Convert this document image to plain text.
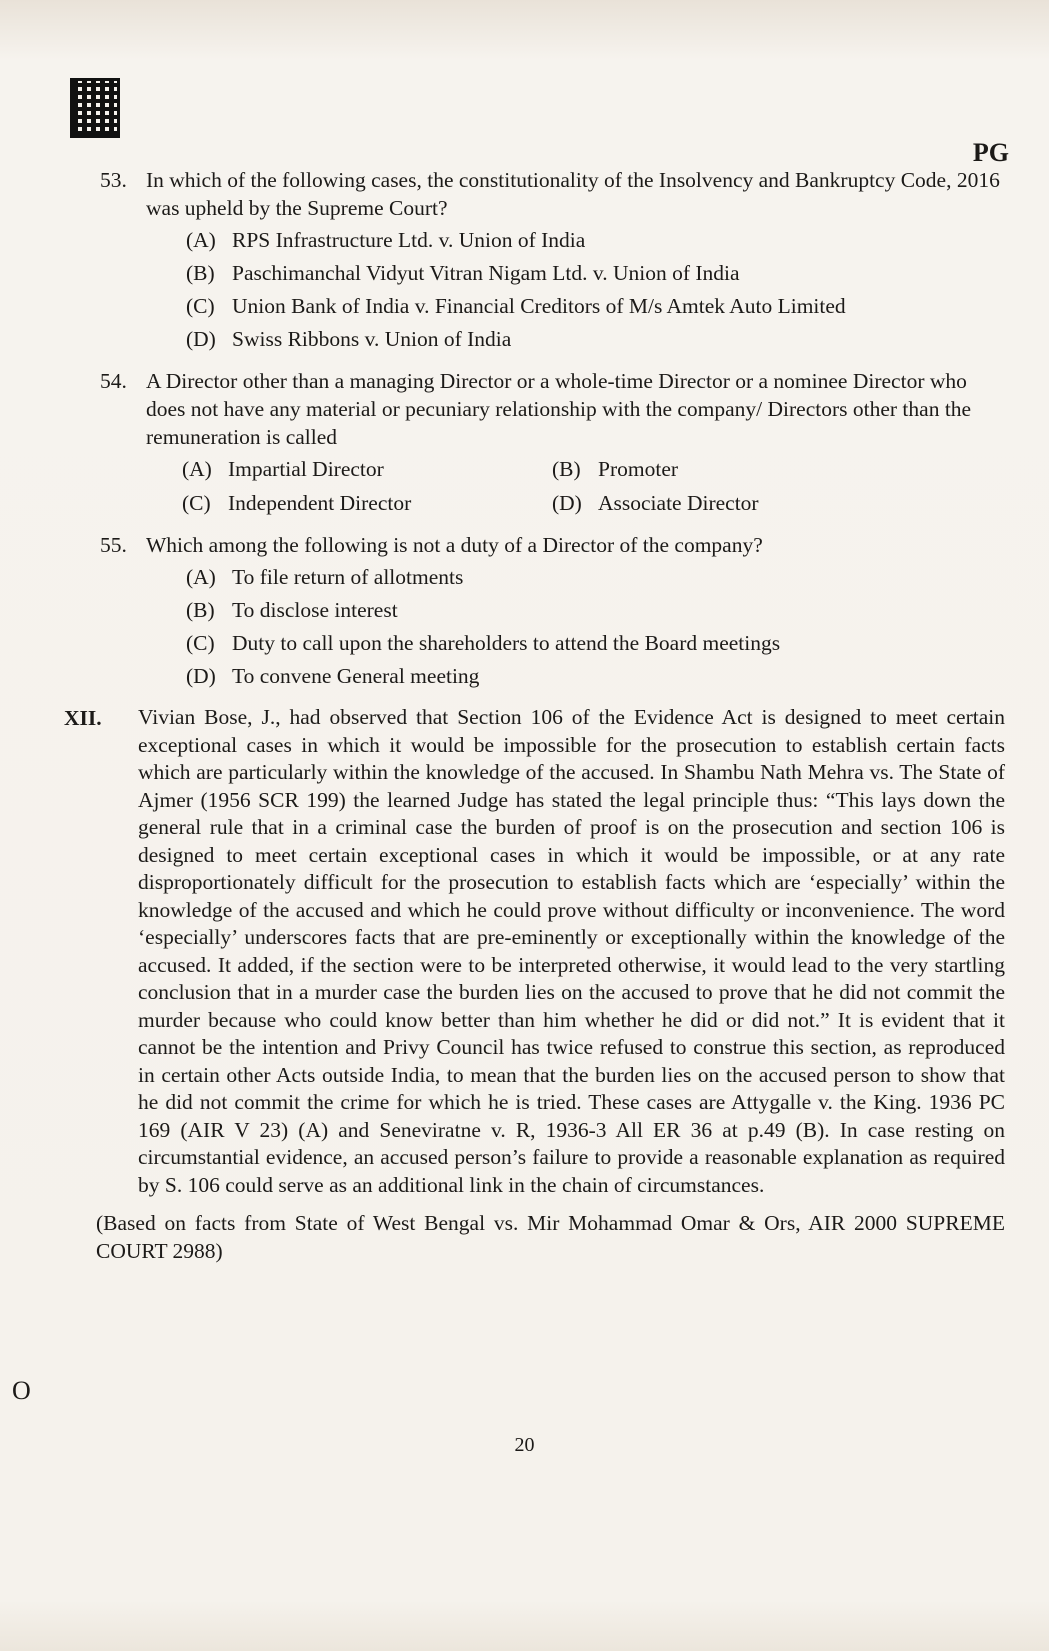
PG
53. In which of the following cases, the constitutionality of the Insolvency and Bankruptcy Code, 2016 was upheld by the Supreme Court?
(A) RPS Infrastructure Ltd. v. Union of India
(B) Paschimanchal Vidyut Vitran Nigam Ltd. v. Union of India
(C) Union Bank of India v. Financial Creditors of M/s Amtek Auto Limited
(D) Swiss Ribbons v. Union of India
54. A Director other than a managing Director or a whole-time Director or a nominee Director who does not have any material or pecuniary relationship with the company/ Directors other than the remuneration is called
(A) Impartial Director	(B) Promoter
(C) Independent Director	(D) Associate Director
55. Which among the following is not a duty of a Director of the company?
(A) To file return of allotments
(B) To disclose interest
(C) Duty to call upon the shareholders to attend the Board meetings
(D) To convene General meeting
XII.	Vivian Bose, J., had observed that Section 106 of the Evidence Act is designed to meet certain exceptional cases in which it would be impossible for the prosecution to establish certain facts which are particularly within the knowledge of the accused. In Shambu Nath Mehra vs. The State of Ajmer (1956 SCR 199) the learned Judge has stated the legal principle thus: “This lays down the general rule that in a criminal case the burden of proof is on the prosecution and section 106 is designed to meet certain exceptional cases in which it would be impossible, or at any rate disproportionately difficult for the prosecution to establish facts which are ‘especially’ within the knowledge of the accused and which he could prove without difficulty or inconvenience. The word ‘especially’ underscores facts that are pre-eminently or exceptionally within the knowledge of the accused. It added, if the section were to be interpreted otherwise, it would lead to the very startling conclusion that in a murder case the burden lies on the accused to prove that he did not commit the murder because who could know better than him whether he did or did not.” It is evident that it cannot be the intention and Privy Council has twice refused to construe this section, as reproduced in certain other Acts outside India, to mean that the burden lies on the accused person to show that he did not commit the crime for which he is tried. These cases are Attygalle v. the King. 1936 PC 169 (AIR V 23) (A) and Seneviratne v. R, 1936-3 All ER 36 at p.49 (B). In case resting on circumstantial evidence, an accused person’s failure to provide a reasonable explanation as required by S. 106 could serve as an additional link in the chain of circumstances.
(Based on facts from State of West Bengal vs. Mir Mohammad Omar & Ors, AIR 2000 SUPREME COURT 2988)
O
20
